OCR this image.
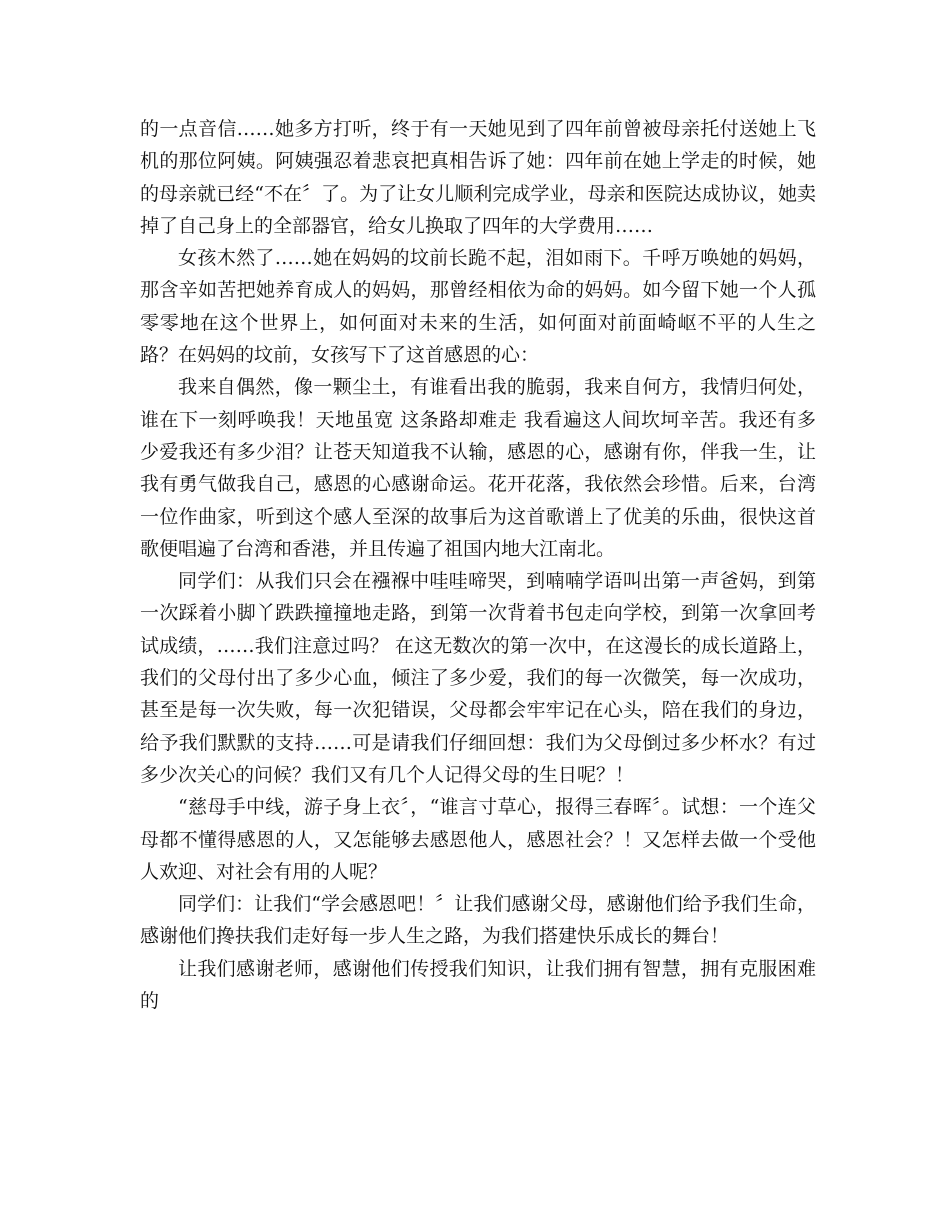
的一点音信……她多方打听，终于有一天她见到了四年前曾被母亲托付送她上飞机的那位阿姨。阿姨强忍着悲哀把真相告诉了她：四年前在她上学走的时候，她的母亲就已经“不在〞了。为了让女儿顺利完成学业，母亲和医院达成协议，她卖掉了自己身上的全部器官，给女儿换取了四年的大学费用……

女孩木然了……她在妈妈的坟前长跪不起，泪如雨下。千呼万唤她的妈妈，那含辛如苦把她养育成人的妈妈，那曾经相依为命的妈妈。如今留下她一个人孤零零地在这个世界上，如何面对未来的生活，如何面对前面崎岖不平的人生之路？在妈妈的坟前，女孩写下了这首感恩的心：

我来自偶然，像一颗尘土，有谁看出我的脆弱，我来自何方，我情归何处，谁在下一刻呼唤我！天地虽宽 这条路却难走 我看遍这人间坎坷辛苦。我还有多少爱我还有多少泪？让苍天知道我不认输，感恩的心，感谢有你，伴我一生，让我有勇气做我自己，感恩的心感谢命运。花开花落，我依然会珍惜。后来，台湾一位作曲家，听到这个感人至深的故事后为这首歌谱上了优美的乐曲，很快这首歌便唱遍了台湾和香港，并且传遍了祖国内地大江南北。

同学们：从我们只会在襁褓中哇哇啼哭，到喃喃学语叫出第一声爸妈，到第一次踩着小脚丫跌跌撞撞地走路，到第一次背着书包走向学校，到第一次拿回考试成绩，……我们注意过吗？ 在这无数次的第一次中，在这漫长的成长道路上，我们的父母付出了多少心血，倾注了多少爱，我们的每一次微笑，每一次成功，甚至是每一次失败，每一次犯错误，父母都会牢牢记在心头，陪在我们的身边，给予我们默默的支持……可是请我们仔细回想：我们为父母倒过多少杯水？有过多少次关心的问候？我们又有几个人记得父母的生日呢？！

“慈母手中线，游子身上衣〞，“谁言寸草心，报得三春晖〞。试想：一个连父母都不懂得感恩的人，又怎能够去感恩他人，感恩社会？！又怎样去做一个受他人欢迎、对社会有用的人呢？

同学们：让我们“学会感恩吧！〞让我们感谢父母，感谢他们给予我们生命，感谢他们搀扶我们走好每一步人生之路，为我们搭建快乐成长的舞台！

让我们感谢老师，感谢他们传授我们知识，让我们拥有智慧，拥有克服困难的
